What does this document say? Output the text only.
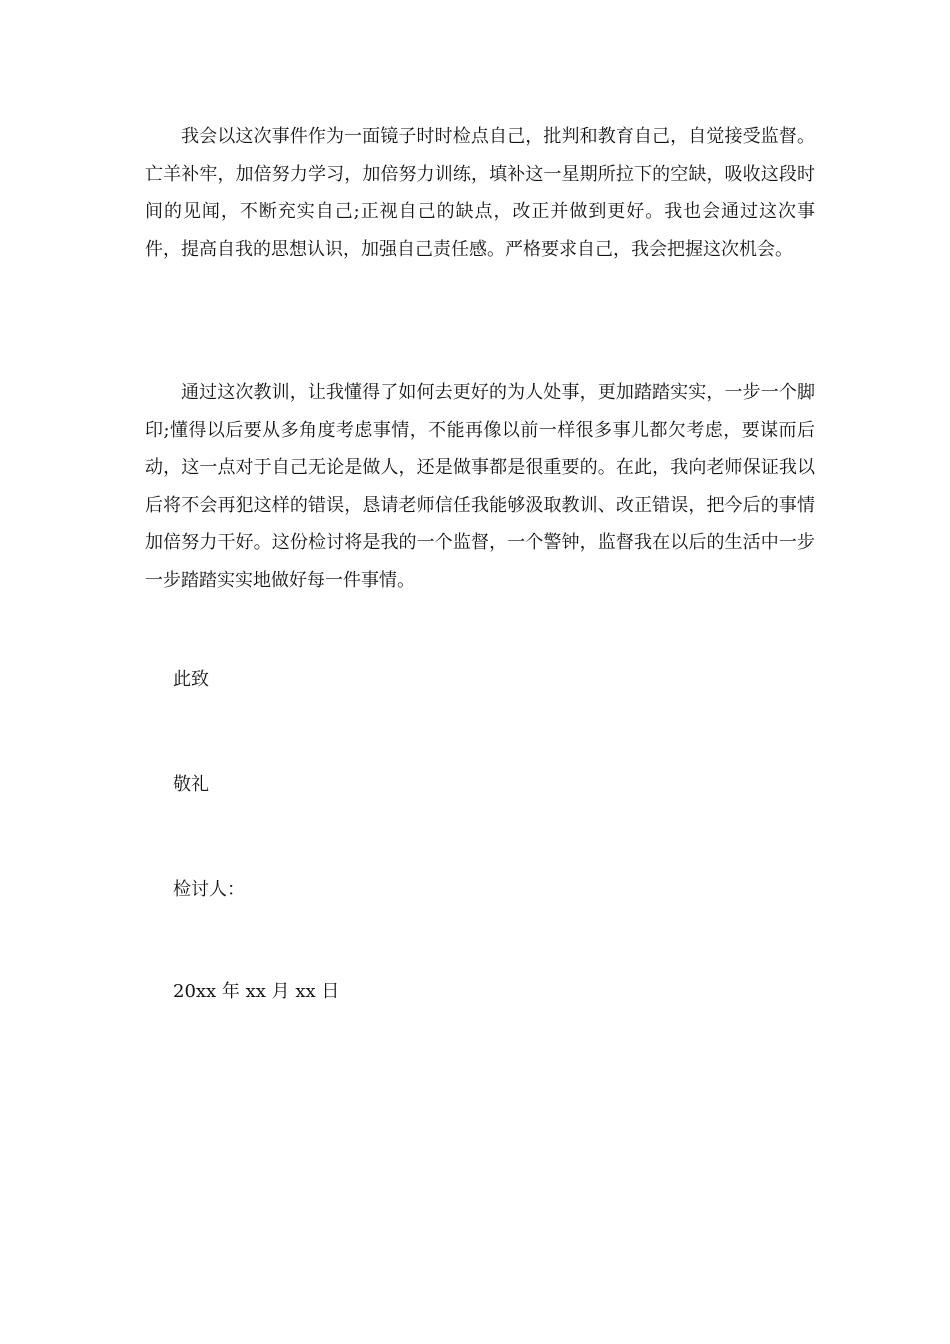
我会以这次事件作为一面镜子时时检点自己，批判和教育自己，自觉接受监督。亡羊补牢，加倍努力学习，加倍努力训练，填补这一星期所拉下的空缺，吸收这段时间的见闻，不断充实自己;正视自己的缺点，改正并做到更好。我也会通过这次事件，提高自我的思想认识，加强自己责任感。严格要求自己，我会把握这次机会。

通过这次教训，让我懂得了如何去更好的为人处事，更加踏踏实实，一步一个脚印;懂得以后要从多角度考虑事情，不能再像以前一样很多事儿都欠考虑，要谋而后动，这一点对于自己无论是做人，还是做事都是很重要的。在此，我向老师保证我以后将不会再犯这样的错误，恳请老师信任我能够汲取教训、改正错误，把今后的事情加倍努力干好。这份检讨将是我的一个监督，一个警钟，监督我在以后的生活中一步一步踏踏实实地做好每一件事情。

此致

敬礼

检讨人：

20xx 年 xx 月 xx 日
